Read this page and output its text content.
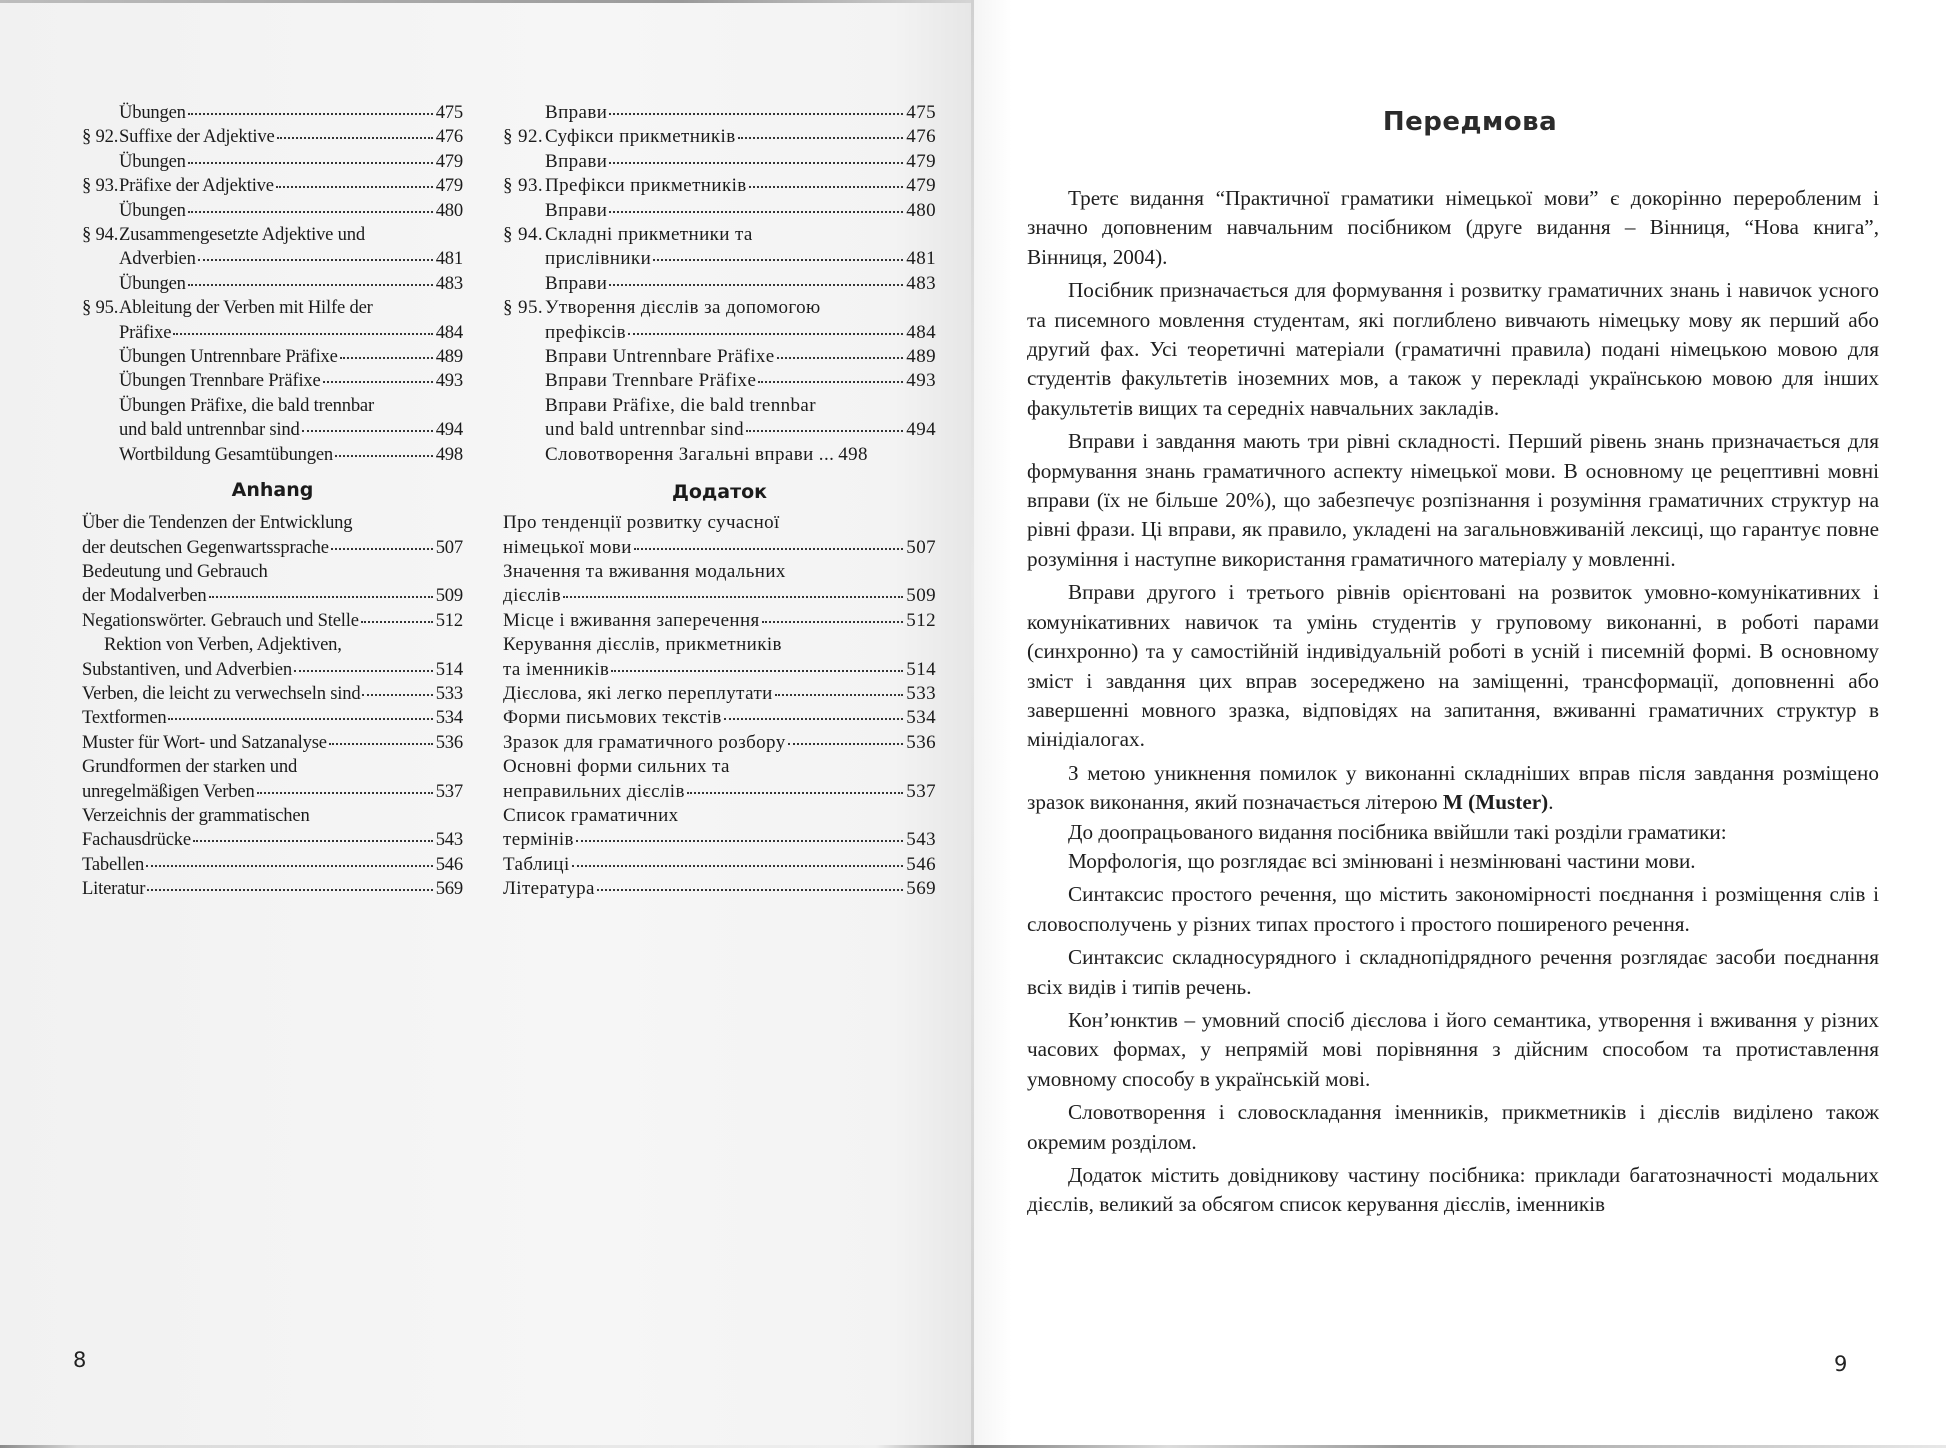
Übungen	475
§ 92. Suffixe der Adjektive	476
Übungen	479
§ 93. Präfixe der Adjektive	479
Übungen	480
§ 94. Zusammengesetzte Adjektive und
Adverbien	481
Übungen	483
§ 95. Ableitung der Verben mit Hilfe der
Präfixe	484
Übungen Untrennbare Präfixe	489
Übungen Trennbare Präfixe	493
Übungen Präfixe, die bald trennbar
und bald untrennbar sind	494
Wortbildung Gesamtübungen	498
Anhang
Über die Tendenzen der Entwicklung
der deutschen Gegenwartssprache	507
Bedeutung und Gebrauch
der Modalverben	509
Negationswörter. Gebrauch und Stelle	512
Rektion von Verben, Adjektiven,
Substantiven, und Adverbien	514
Verben, die leicht zu verwechseln sind	533
Textformen	534
Muster für Wort- und Satzanalyse	536
Grundformen der starken und
unregelmäßigen Verben	537
Verzeichnis der grammatischen
Fachausdrücke	543
Tabellen	546
Literatur	569
Вправи	475
§ 92. Суфікси прикметників	476
Вправи	479
§ 93. Префікси прикметників	479
Вправи	480
§ 94. Складні прикметники та
прислівники	481
Вправи	483
§ 95. Утворення дієслів за допомогою
префіксів	484
Вправи Untrennbare Präfixe	489
Вправи Trennbare Präfixe	493
Вправи Präfixe, die bald trennbar
und bald untrennbar sind	494
Словотворення Загальні вправи ... 498
Додаток
Про тенденції розвитку сучасної
німецької мови	507
Значення та вживання модальних
дієслів	509
Місце і вживання заперечення	512
Керування дієслів, прикметників
та іменників	514
Дієслова, які легко переплутати	533
Форми письмових текстів	534
Зразок для граматичного розбору	536
Основні форми сильних та
неправильних дієслів	537
Список граматичних
термінів	543
Таблиці	546
Література	569
8
Передмова

Третє видання “Практичної граматики німецької мови” є докорінно переробленим і значно доповненим навчальним посібником (друге видання – Вінниця, “Нова книга”, Вінниця, 2004).

Посібник призначається для формування і розвитку граматичних знань і навичок усного та писемного мовлення студентам, які поглиблено вивчають німецьку мову як перший або другий фах. Усі теоретичні матеріали (граматичні правила) подані німецькою мовою для студентів факультетів іноземних мов, а також у перекладі українською мовою для інших факультетів вищих та середніх навчальних закладів.

Вправи і завдання мають три рівні складності. Перший рівень знань призначається для формування знань граматичного аспекту німецької мови. В основному це рецептивні мовні вправи (їх не більше 20%), що забезпечує розпізнання і розуміння граматичних структур на рівні фрази. Ці вправи, як правило, укладені на загальновживаній лексиці, що гарантує повне розуміння і наступне використання граматичного матеріалу у мовленні.

Вправи другого і третього рівнів орієнтовані на розвиток умовно-комунікативних і комунікативних навичок та умінь студентів у груповому виконанні, в роботі парами (синхронно) та у самостійній індивідуальній роботі в усній і писемній формі. В основному зміст і завдання цих вправ зосереджено на заміщенні, трансформації, доповненні або завершенні мовного зразка, відповідях на запитання, вживанні граматичних структур в мінідіалогах.

З метою уникнення помилок у виконанні складніших вправ після завдання розміщено зразок виконання, який позначається літерою M (Muster).

До доопрацьованого видання посібника ввійшли такі розділи граматики:

Морфологія, що розглядає всі змінювані і незмінювані частини мови.

Синтаксис простого речення, що містить закономірності поєднання і розміщення слів і словосполучень у різних типах простого і простого поширеного речення.

Синтаксис складносурядного і складнопідрядного речення розглядає засоби поєднання всіх видів і типів речень.

Кон’юнктив – умовний спосіб дієслова і його семантика, утворення і вживання у різних часових формах, у непрямій мові порівняння з дійсним способом та протиставлення умовному способу в українській мові.

Словотворення і словоскладання іменників, прикметників і дієслів виділено також окремим розділом.

Додаток містить довідникову частину посібника: приклади багатозначності модальних дієслів, великий за обсягом список керування дієслів, іменників

9
